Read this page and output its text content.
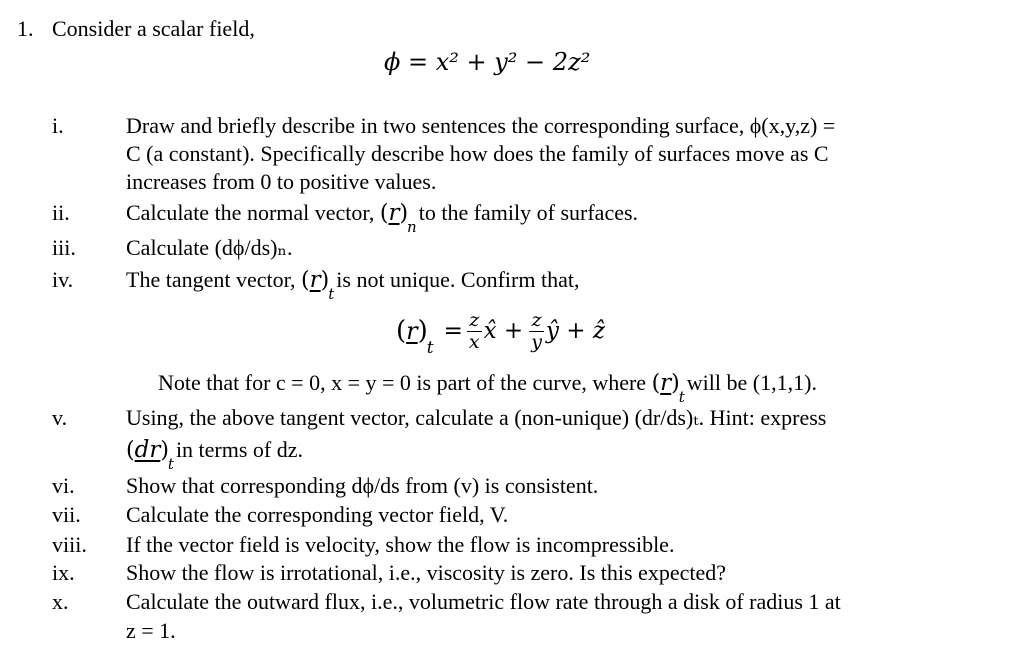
1. Consider a scalar field,
ϕ = x² + y² − 2z²
i.	Draw and briefly describe in two sentences the corresponding surface, ϕ(x,y,z) =
C (a constant). Specifically describe how does the family of surfaces move as C
increases from 0 to positive values.
ii.	Calculate the normal vector, $(r)_nto$ the family of surfaces.
iii. Calculate (dϕ/ds)ₙ.
iv. The tangent vector, $(r)_tis$ not unique. Confirm that,
$(r)_t$
= $\frac{z}{x}$ x̂ + $\frac{z}{y}$ ŷ + ẑ
Note that for c = 0, x = y = 0 is part of the curve, where $(r)_twill$ be (1,1,1).
v.	Using, the above tangent vector, calculate a (non-unique) (dr/ds)ₜ. Hint: express
$(dr)_tin$ terms of dz.
vi. Show that corresponding dϕ/ds from (v) is consistent.
vii. Calculate the corresponding vector field, V.
viii. If the vector field is velocity, show the flow is incompressible.
ix. Show the flow is irrotational, i.e., viscosity is zero. Is this expected?
x.	Calculate the outward flux, i.e., volumetric flow rate through a disk of radius 1 at
z = 1.
